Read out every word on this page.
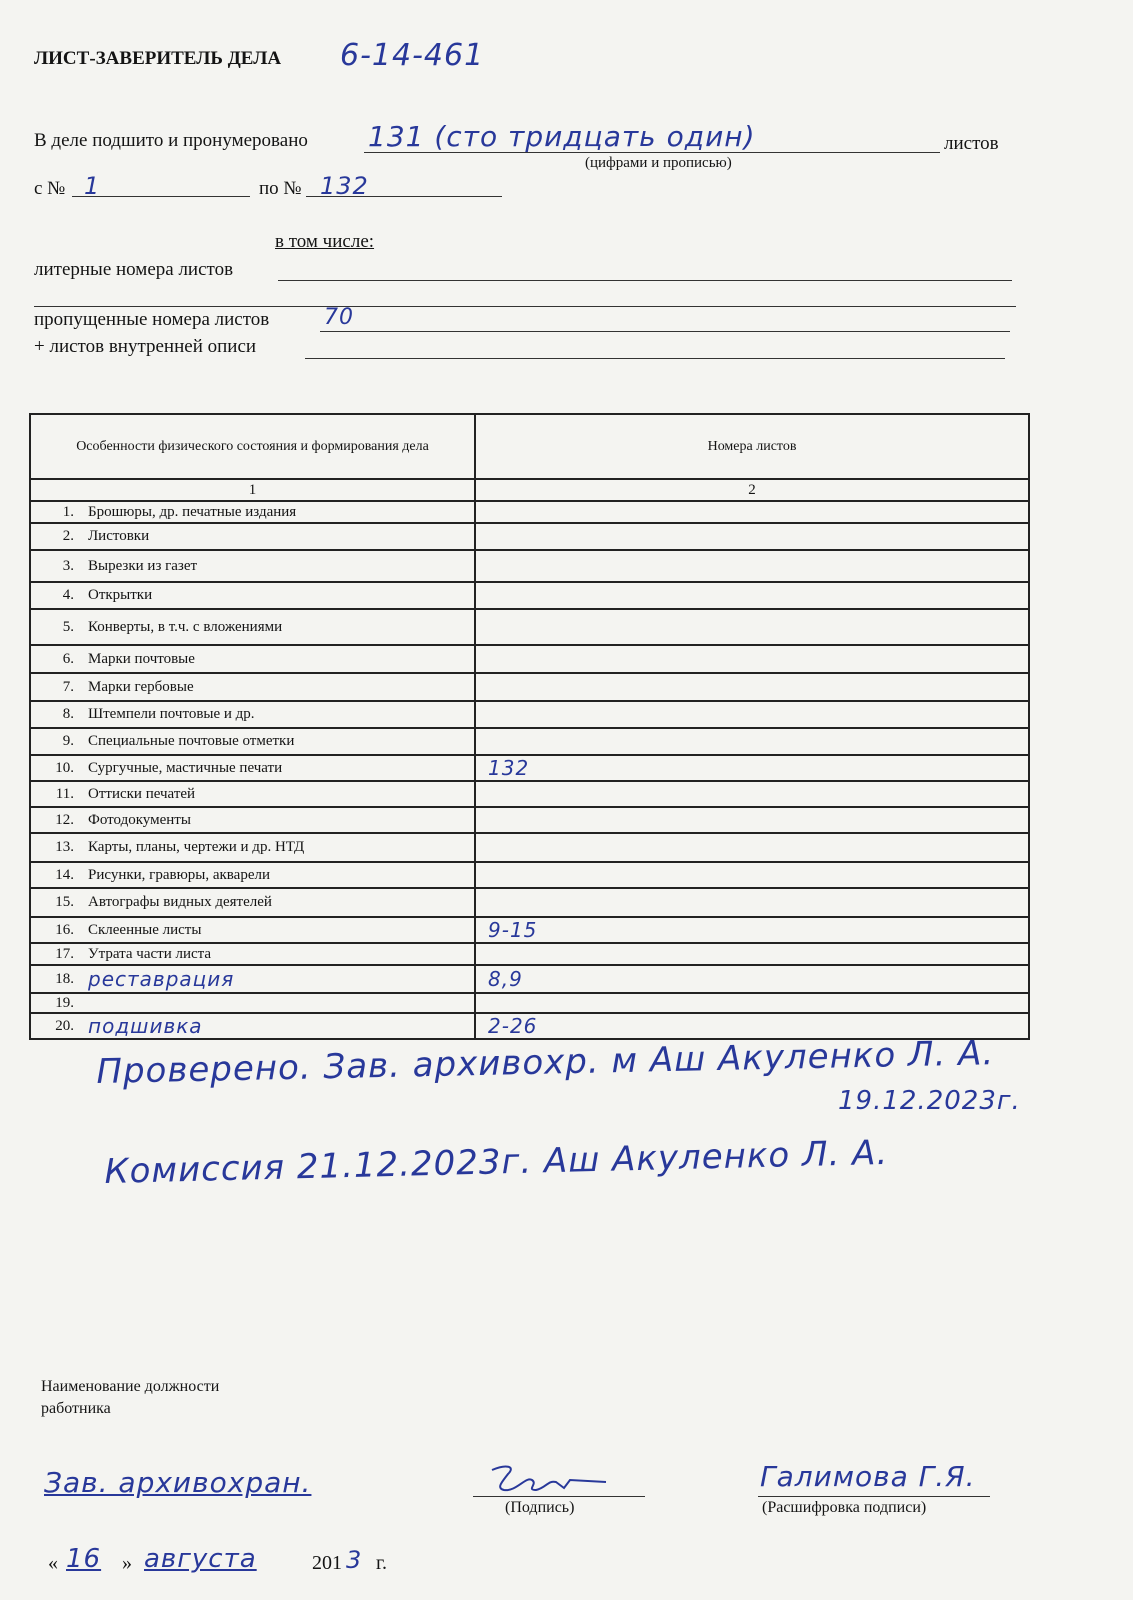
ЛИСТ-ЗАВЕРИТЕЛЬ ДЕЛА 6-14-461
В деле подшито и пронумеровано 131 (сто тридцать один)	листов
(цифрами и прописью)
с № 1	по № 132
в том числе:
литерные номера листов
пропущенные номера листов 70
+ листов внутренней описи
Особенности физического состояния и формирования дела		Номера листов
1		2
1.	Брошюры, др. печатные издания	
2.	Листовки	
3.	Вырезки из газет	
4.	Открытки	
5.	Конверты, в т.ч. с вложениями	
6.	Марки почтовые	
7.	Марки гербовые	
8.	Штемпели почтовые и др.	
9.	Специальные почтовые отметки	
10.	Сургучные, мастичные печати	132
11.	Оттиски печатей	
12.	Фотодокументы	
13.	Карты, планы, чертежи и др. НТД	
14.	Рисунки, гравюры, акварели	
15.	Автографы видных деятелей	
16.	Склеенные листы	9-15
17.	Утрата части листа	
18.	реставрация	8,9
19.		
20.	подшивка	2-26
Проверено. Зав. архивохр. м Аш Акуленко Л. А.
19.12.2023г.
Комиссия 21.12.2023г. Аш Акуленко Л. А.
Наименование должности
работника
Зав. архивохран.
(Подпись)
Галимова Г.Я.
(Расшифровка подписи)
« 16 » августа	201 3 г.
